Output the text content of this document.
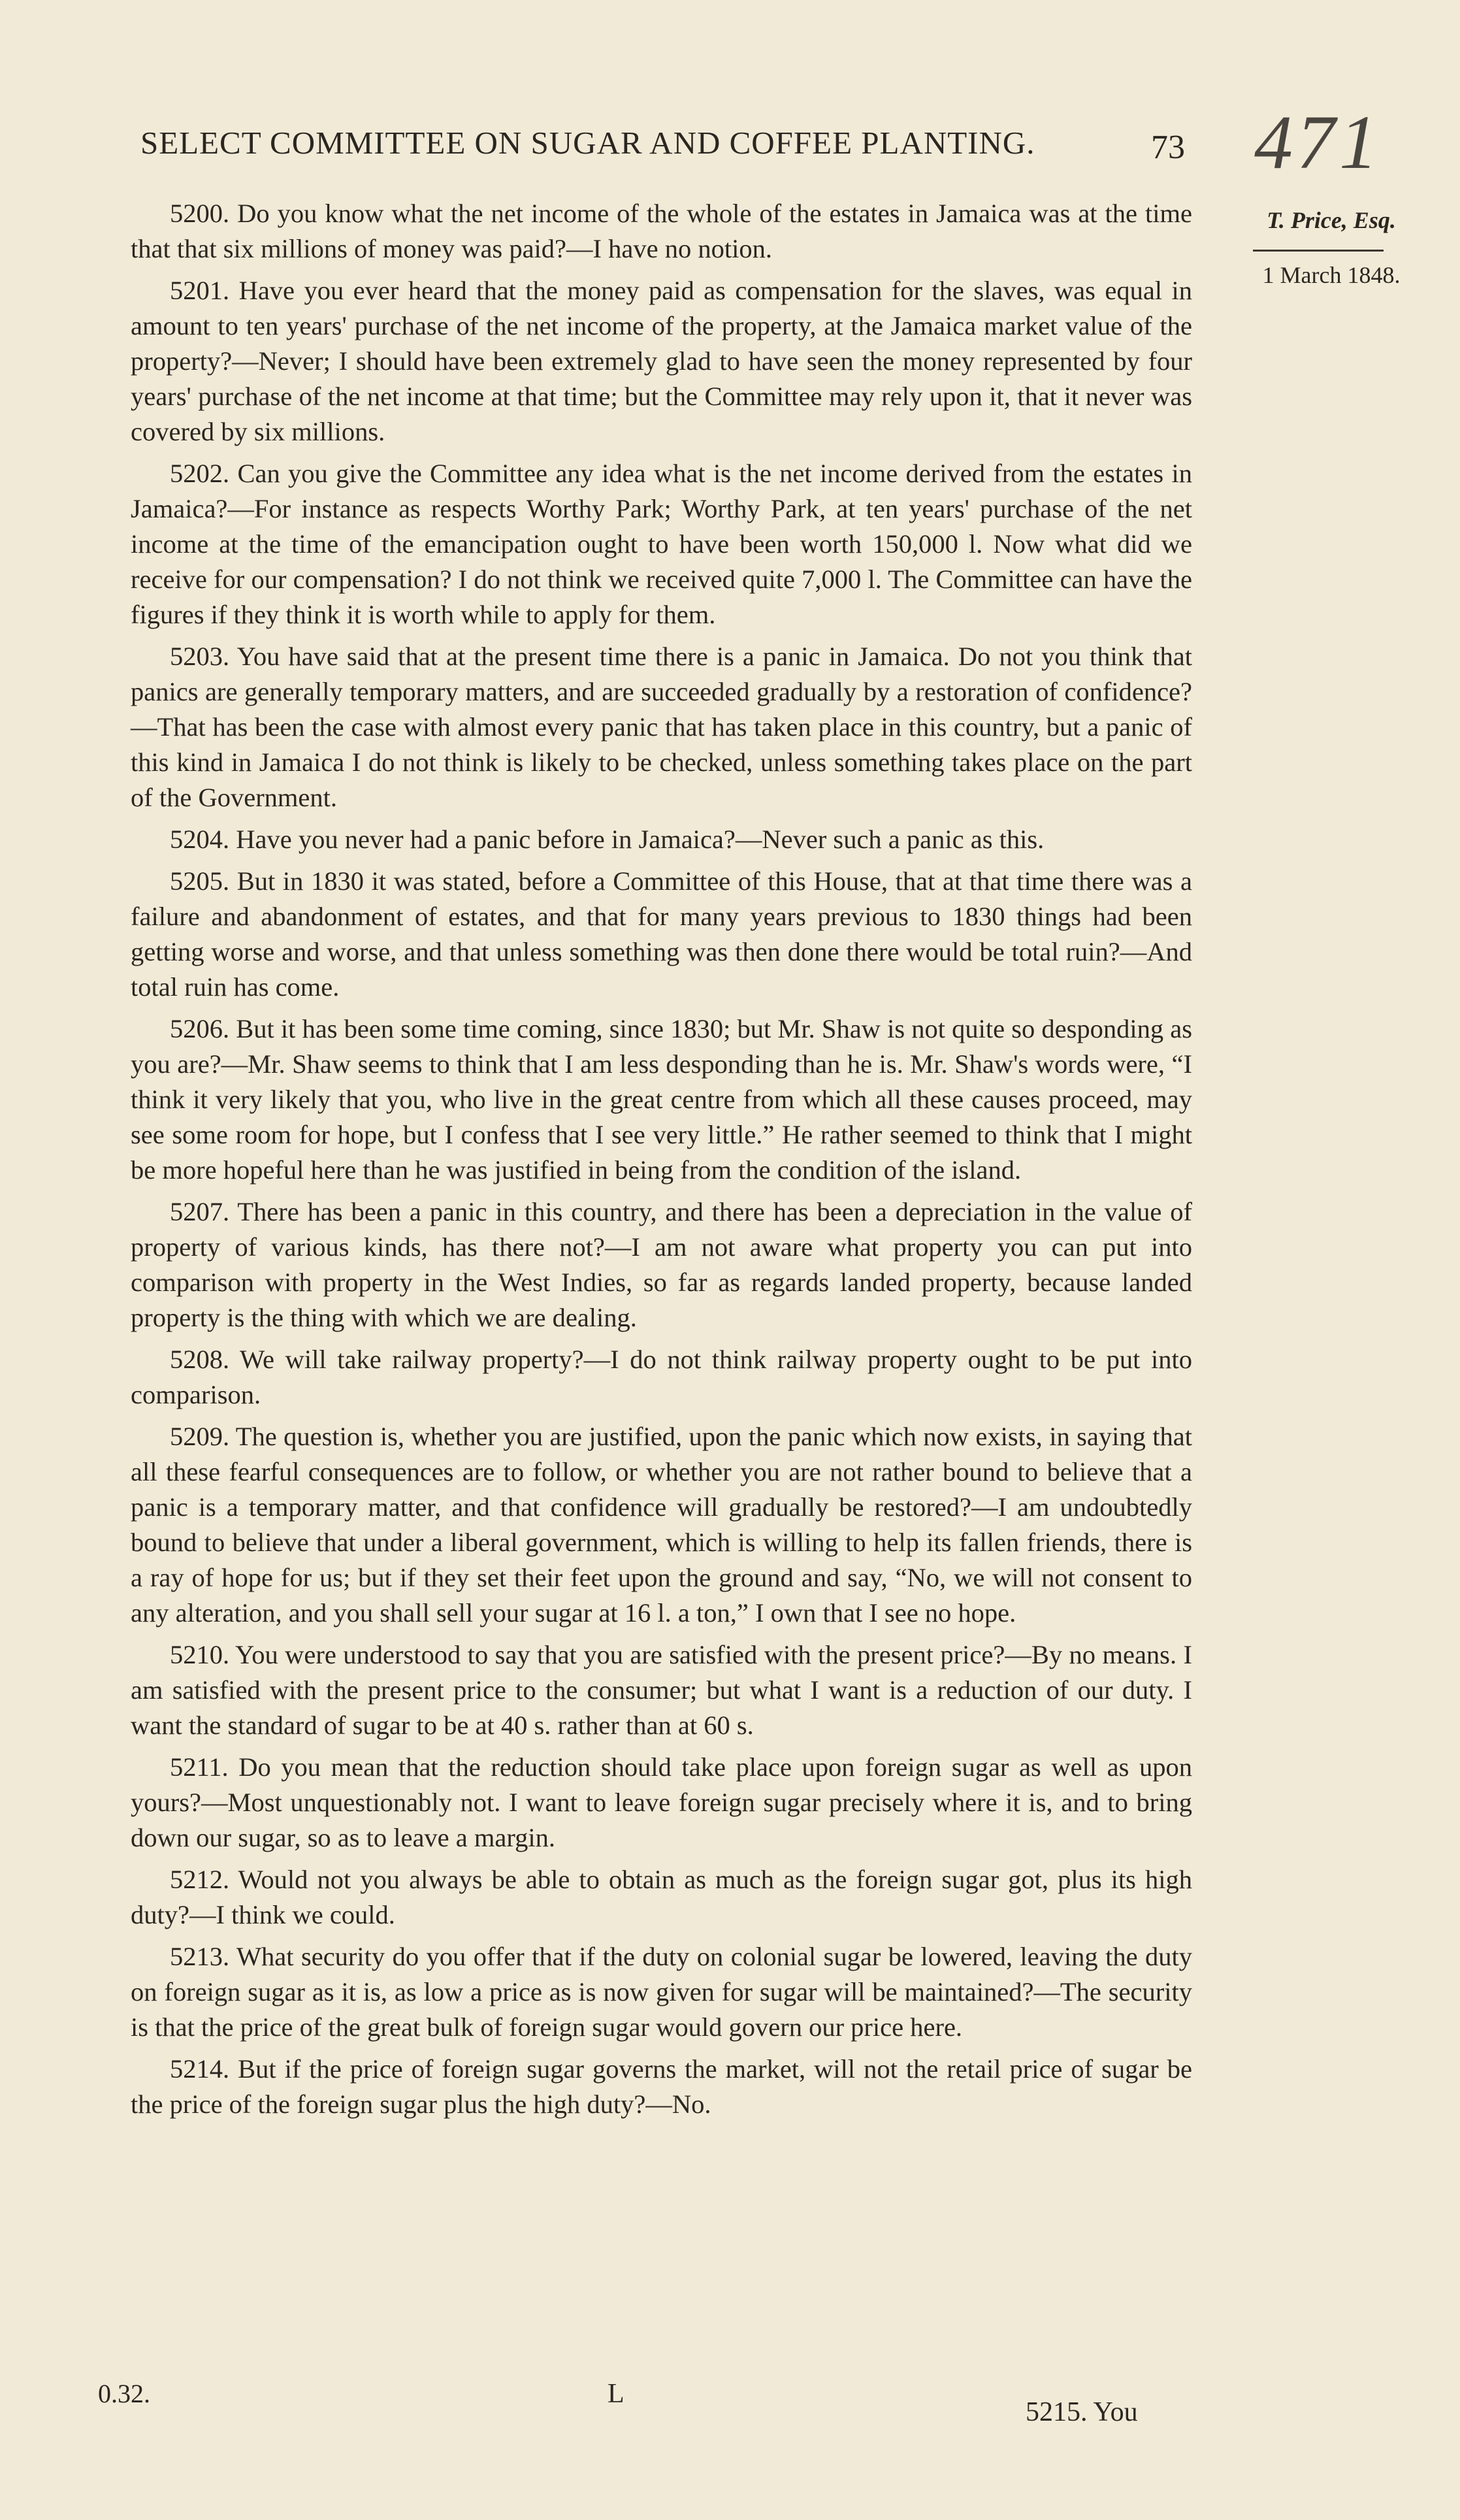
SELECT COMMITTEE ON SUGAR AND COFFEE PLANTING.	73 471
T. Price, Esq.
1 March 1848.

5200. Do you know what the net income of the whole of the estates in Jamaica was at the time that that six millions of money was paid?—I have no notion.

5201. Have you ever heard that the money paid as compensation for the slaves, was equal in amount to ten years' purchase of the net income of the property, at the Jamaica market value of the property?—Never; I should have been extremely glad to have seen the money represented by four years' purchase of the net income at that time; but the Committee may rely upon it, that it never was covered by six millions.

5202. Can you give the Committee any idea what is the net income derived from the estates in Jamaica?—For instance as respects Worthy Park; Worthy Park, at ten years' purchase of the net income at the time of the emancipation ought to have been worth 150,000 l. Now what did we receive for our compensation? I do not think we received quite 7,000 l. The Committee can have the figures if they think it is worth while to apply for them.

5203. You have said that at the present time there is a panic in Jamaica. Do not you think that panics are generally temporary matters, and are succeeded gradually by a restoration of confidence?—That has been the case with almost every panic that has taken place in this country, but a panic of this kind in Jamaica I do not think is likely to be checked, unless something takes place on the part of the Government.

5204. Have you never had a panic before in Jamaica?—Never such a panic as this.

5205. But in 1830 it was stated, before a Committee of this House, that at that time there was a failure and abandonment of estates, and that for many years previous to 1830 things had been getting worse and worse, and that unless something was then done there would be total ruin?—And total ruin has come.

5206. But it has been some time coming, since 1830; but Mr. Shaw is not quite so desponding as you are?—Mr. Shaw seems to think that I am less desponding than he is. Mr. Shaw's words were, “I think it very likely that you, who live in the great centre from which all these causes proceed, may see some room for hope, but I confess that I see very little.” He rather seemed to think that I might be more hopeful here than he was justified in being from the condition of the island.

5207. There has been a panic in this country, and there has been a depreciation in the value of property of various kinds, has there not?—I am not aware what property you can put into comparison with property in the West Indies, so far as regards landed property, because landed property is the thing with which we are dealing.

5208. We will take railway property?—I do not think railway property ought to be put into comparison.

5209. The question is, whether you are justified, upon the panic which now exists, in saying that all these fearful consequences are to follow, or whether you are not rather bound to believe that a panic is a temporary matter, and that confidence will gradually be restored?—I am undoubtedly bound to believe that under a liberal government, which is willing to help its fallen friends, there is a ray of hope for us; but if they set their feet upon the ground and say, “No, we will not consent to any alteration, and you shall sell your sugar at 16 l. a ton,” I own that I see no hope.

5210. You were understood to say that you are satisfied with the present price?—By no means. I am satisfied with the present price to the consumer; but what I want is a reduction of our duty. I want the standard of sugar to be at 40 s. rather than at 60 s.

5211. Do you mean that the reduction should take place upon foreign sugar as well as upon yours?—Most unquestionably not. I want to leave foreign sugar precisely where it is, and to bring down our sugar, so as to leave a margin.

5212. Would not you always be able to obtain as much as the foreign sugar got, plus its high duty?—I think we could.

5213. What security do you offer that if the duty on colonial sugar be lowered, leaving the duty on foreign sugar as it is, as low a price as is now given for sugar will be maintained?—The security is that the price of the great bulk of foreign sugar would govern our price here.

5214. But if the price of foreign sugar governs the market, will not the retail price of sugar be the price of the foreign sugar plus the high duty?—No.

0.32.	L
5215. You
